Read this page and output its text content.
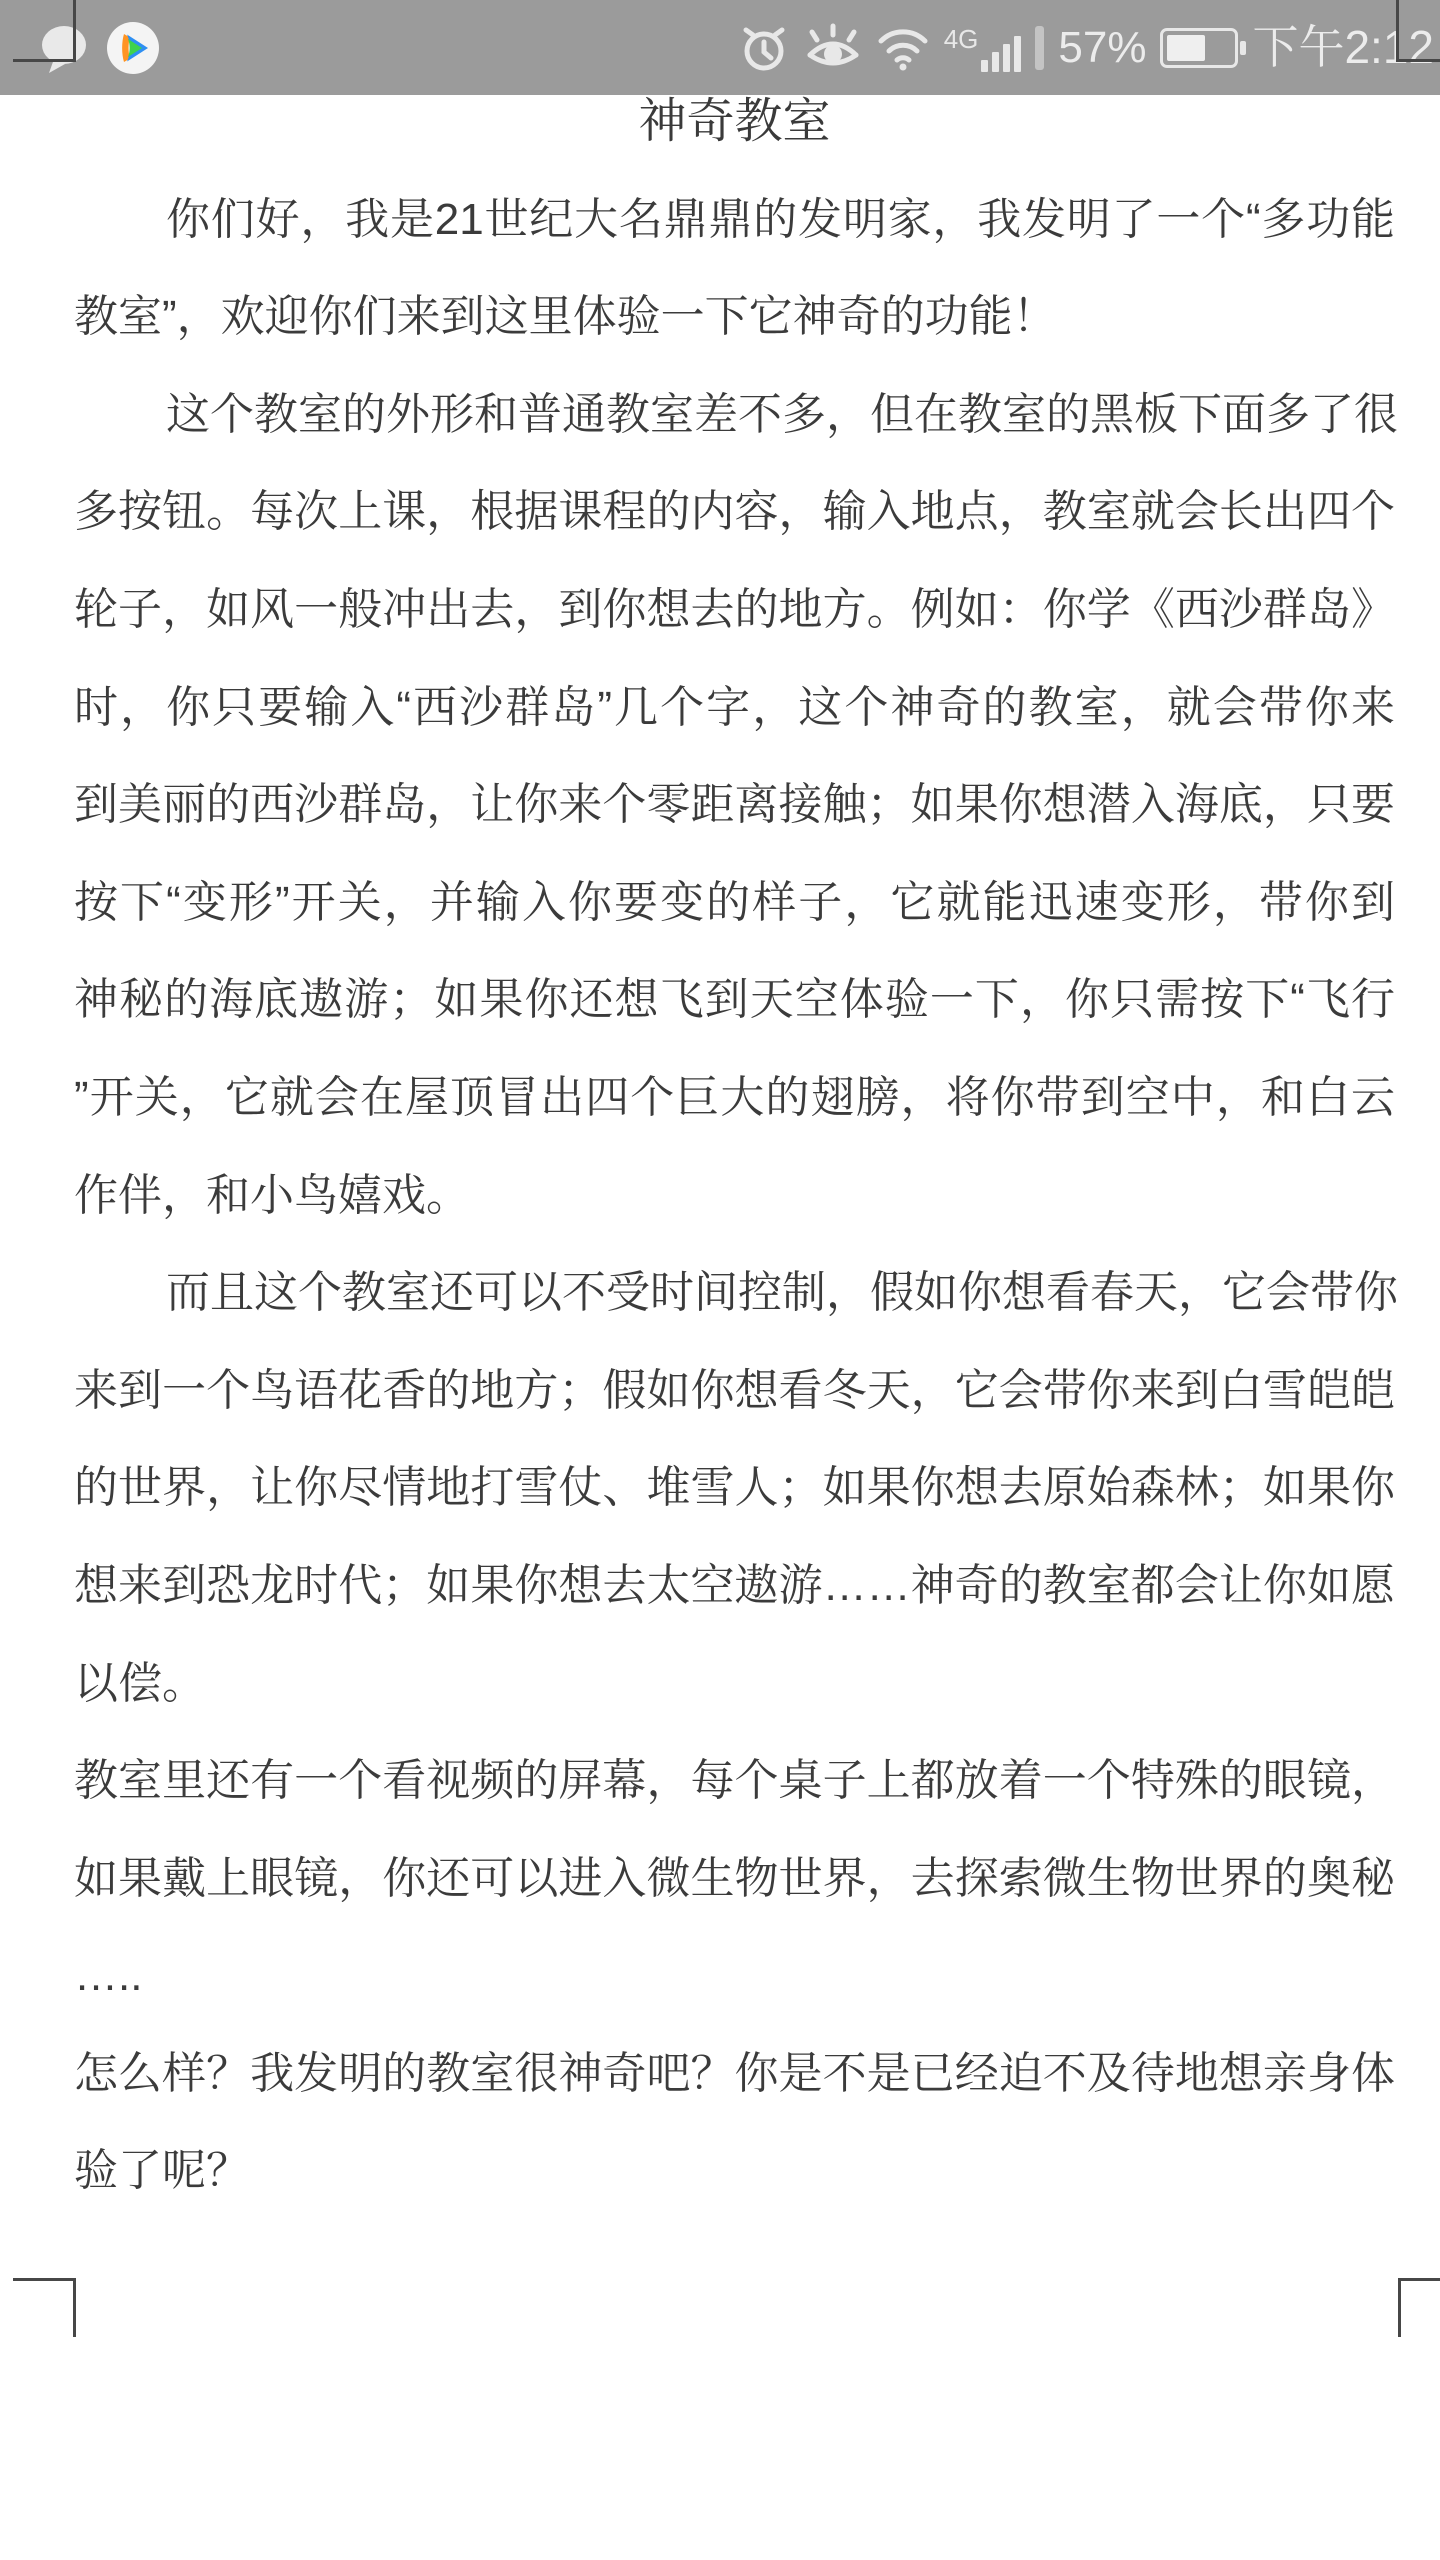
神奇教室
你们好，我是21世纪大名鼎鼎的发明家，我发明了一个“多功能
教室”，欢迎你们来到这里体验一下它神奇的功能！
这个教室的外形和普通教室差不多，但在教室的黑板下面多了很
多按钮。每次上课，根据课程的内容，输入地点，教室就会长出四个
轮子，如风一般冲出去，到你想去的地方。例如：你学《西沙群岛》
时，你只要输入“西沙群岛”几个字，这个神奇的教室，就会带你来
到美丽的西沙群岛，让你来个零距离接触；如果你想潜入海底，只要
按下“变形”开关，并输入你要变的样子，它就能迅速变形，带你到
神秘的海底遨游；如果你还想飞到天空体验一下，你只需按下“飞行
”开关，它就会在屋顶冒出四个巨大的翅膀，将你带到空中，和白云
作伴，和小鸟嬉戏。
而且这个教室还可以不受时间控制，假如你想看春天，它会带你
来到一个鸟语花香的地方；假如你想看冬天，它会带你来到白雪皑皑
的世界，让你尽情地打雪仗、堆雪人；如果你想去原始森林；如果你
想来到恐龙时代；如果你想去太空遨游……神奇的教室都会让你如愿
以偿。
教室里还有一个看视频的屏幕，每个桌子上都放着一个特殊的眼镜，
如果戴上眼镜，你还可以进入微生物世界，去探索微生物世界的奥秘
…..
怎么样？我发明的教室很神奇吧？你是不是已经迫不及待地想亲身体
验了呢？
4G 57% 下午2:12
